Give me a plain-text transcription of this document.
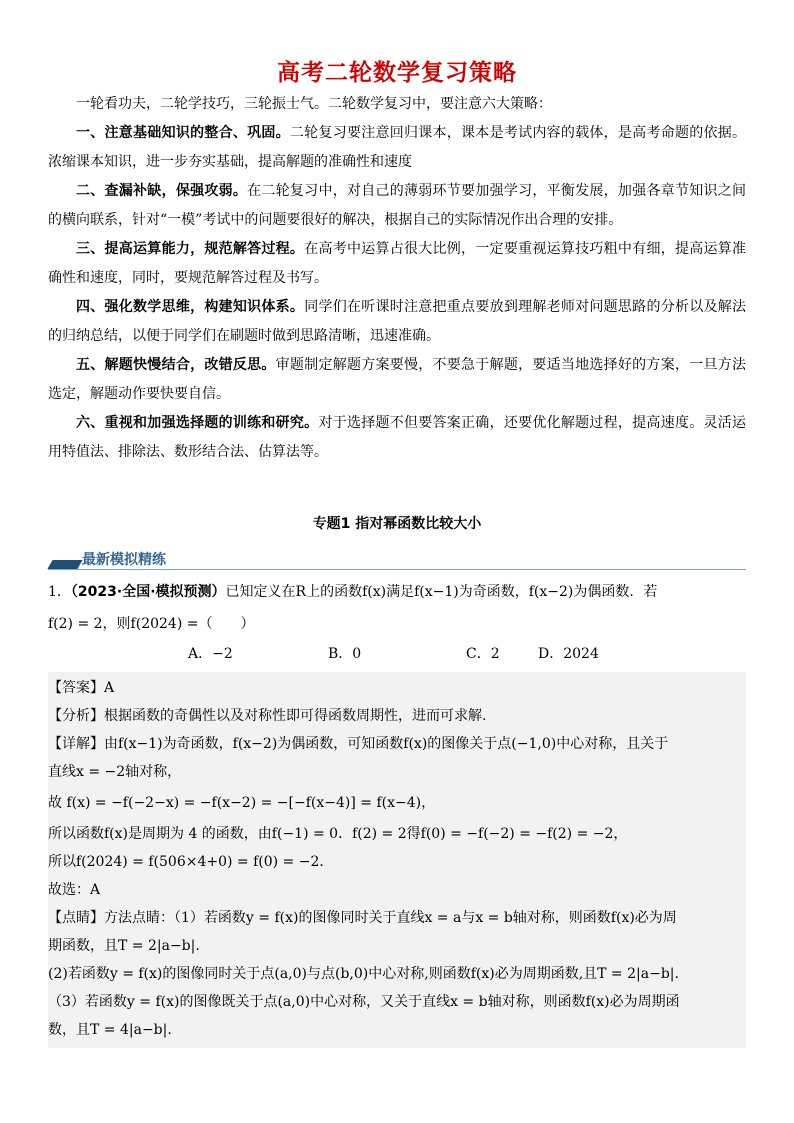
高考二轮数学复习策略
一轮看功夫，二轮学技巧，三轮振士气。二轮数学复习中，要注意六大策略：
一、注意基础知识的整合、巩固。二轮复习要注意回归课本，课本是考试内容的载体，是高考命题的依据。浓缩课本知识，进一步夯实基础，提高解题的准确性和速度
二、查漏补缺，保强攻弱。在二轮复习中，对自己的薄弱环节要加强学习，平衡发展，加强各章节知识之间的横向联系，针对“一模”考试中的问题要很好的解决，根据自己的实际情况作出合理的安排。
三、提高运算能力，规范解答过程。在高考中运算占很大比例，一定要重视运算技巧粗中有细，提高运算准确性和速度，同时，要规范解答过程及书写。
四、强化数学思维，构建知识体系。同学们在听课时注意把重点要放到理解老师对问题思路的分析以及解法的归纳总结，以便于同学们在刷题时做到思路清晰，迅速准确。
五、解题快慢结合，改错反思。审题制定解题方案要慢，不要急于解题，要适当地选择好的方案，一旦方法选定，解题动作要快要自信。
六、重视和加强选择题的训练和研究。对于选择题不但要答案正确，还要优化解题过程，提高速度。灵活运用特值法、排除法、数形结合法、估算法等。
专题1 指对幂函数比较大小
最新模拟精练
1．（2023·全国·模拟预测）已知定义在R上的函数f(x)满足f(x−1)为奇函数，f(x−2)为偶函数．若
f(2) = 2，则f(2024) =（　　）
A．−2	B．0	C．2	D．2024

【答案】A

【分析】根据函数的奇偶性以及对称性即可得函数周期性，进而可求解.

【详解】由f(x−1)为奇函数，f(x−2)为偶函数，可知函数f(x)的图像关于点(−1,0)中心对称，且关于

直线x = −2轴对称，

故 f(x) = −f(−2−x) = −f(x−2) = −[−f(x−4)] = f(x−4)，

所以函数f(x)是周期为 4 的函数，由f(−1) = 0．f(2) = 2得f(0) = −f(−2) = −f(2) = −2，

所以f(2024) = f(506×4+0) = f(0) = −2．

故选：A

【点睛】方法点睛：（1）若函数y = f(x)的图像同时关于直线x = a与x = b轴对称，则函数f(x)必为周

期函数，且T = 2|a−b|.

(2)若函数y = f(x)的图像同时关于点(a,0)与点(b,0)中心对称,则函数f(x)必为周期函数,且T = 2|a−b|.

（3）若函数y = f(x)的图像既关于点(a,0)中心对称，又关于直线x = b轴对称，则函数f(x)必为周期函

数，且T = 4|a−b|.
